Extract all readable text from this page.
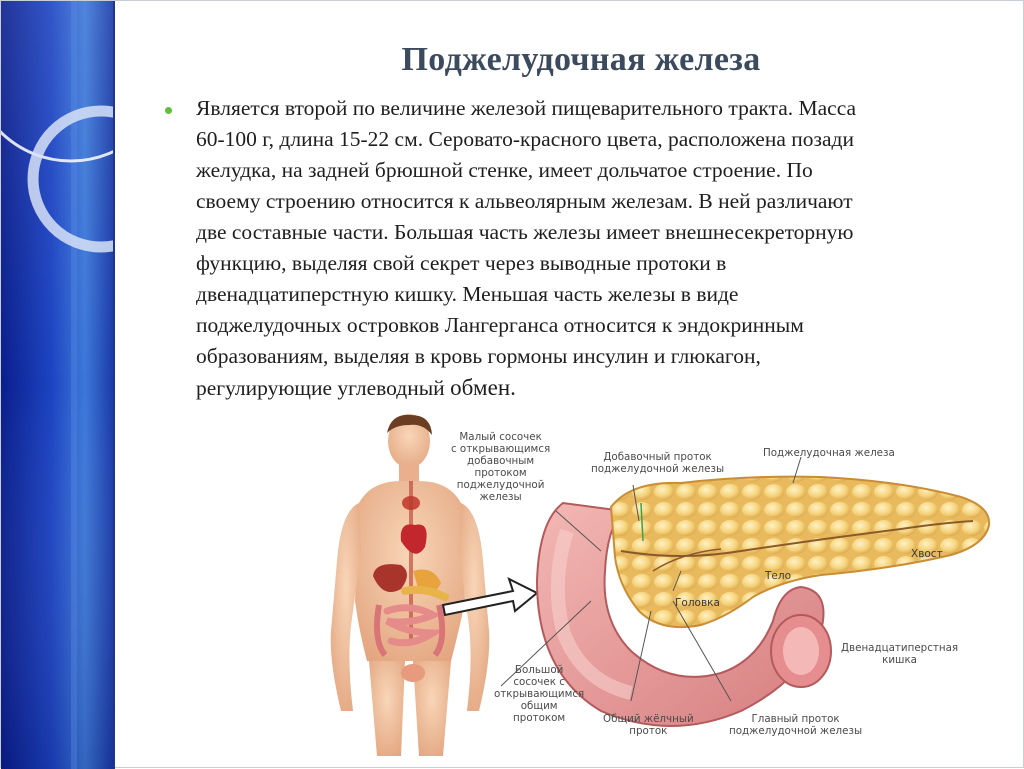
Поджелудочная железа
Является второй по величине железой пищеварительного тракта. Масса
60-100 г, длина 15-22 см. Серовато-красного цвета, расположена позади
желудка, на задней брюшной стенке, имеет дольчатое строение. По
своему строению относится к альвеолярным железам. В ней различают
две составные части. Большая часть железы имеет внешнесекреторную
функцию, выделяя свой секрет через выводные протоки в
двенадцатиперстную кишку. Меньшая часть железы в виде
поджелудочных островков Лангерганса относится к эндокринным
образованиям, выделяя в кровь гормоны инсулин и глюкагон,
регулирующие углеводный обмен.
Хвост
Тело
Головка
Малый сосочек
с открывающимся
добавочным
протоком
поджелудочной
железы
Добавочный проток
поджелудочной железы
Поджелудочная железа
Двенадцатиперстная
кишка
Большой
сосочек с
открывающимся
общим
протоком	Общий жёлчный
проток
Главный проток
поджелудочной железы
